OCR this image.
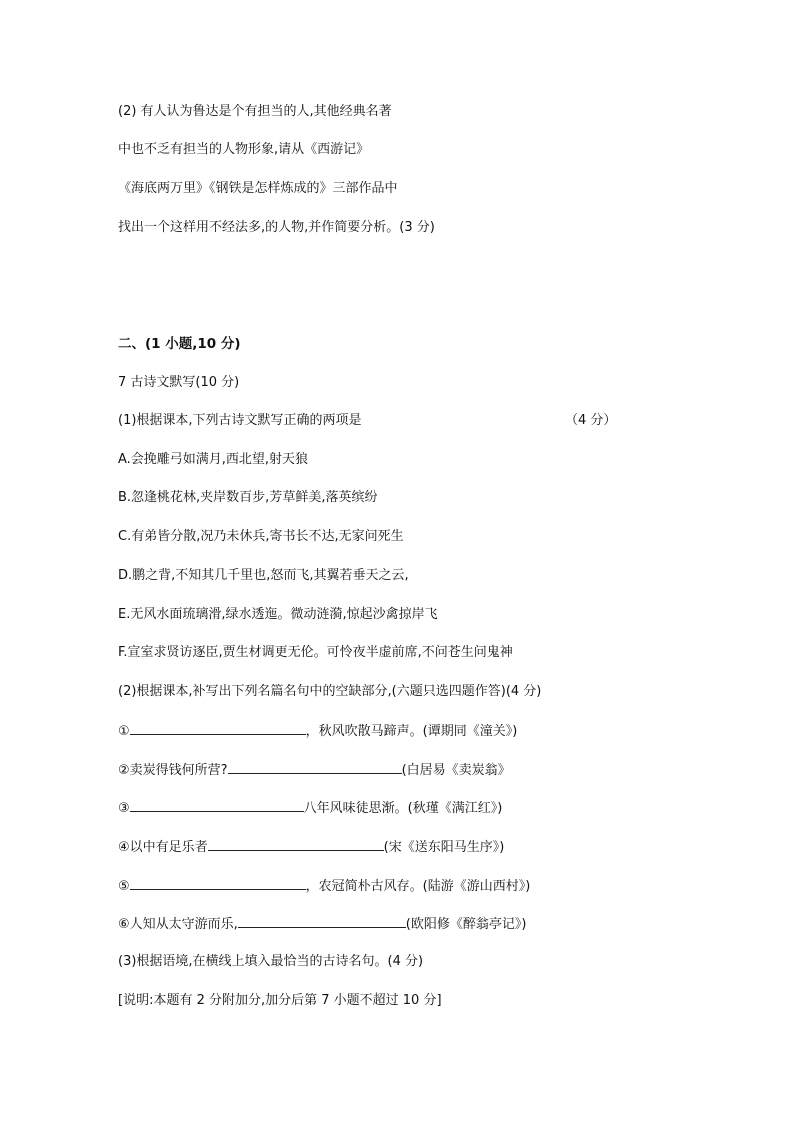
(2) 有人认为鲁达是个有担当的人,其他经典名著
中也不乏有担当的人物形象,请从《西游记》
《海底两万里》《钢铁是怎样炼成的》三部作品中
找出一个这样用不经法多,的人物,并作简要分析。(3 分)
二、(1 小题,10 分)
7 古诗文默写(10 分)
(1)根据课本,下列古诗文默写正确的两项是	（4 分）
A.会挽雕弓如满月,西北望,射天狼
B.忽逢桃花林,夹岸数百步,芳草鲜美,落英缤纷
C.有弟皆分散,况乃未休兵,寄书长不达,无家问死生
D.鹏之背,不知其几千里也,怒而飞,其翼若垂天之云,
E.无风水面琉璃滑,绿水透迤。微动涟漪,惊起沙禽掠岸飞
F.宣室求贤访逐臣,贾生材调更无伦。可怜夜半虚前席,不问苍生问鬼神
(2)根据课本,补写出下列名篇名句中的空缺部分,(六题只选四题作答)(4 分)
①	，秋风吹散马蹄声。(谭期同《潼关》)
②卖炭得钱何所营?	(白居易《卖炭翁》
③	八年风味徒思渐。(秋瑾《满江红》)
④以中有足乐者	(宋《送东阳马生序》)
⑤	，农冠简朴古风存。(陆游《游山西村》)
⑥人知从太守游而乐,	(欧阳修《醉翁亭记》)
(3)根据语境,在横线上填入最恰当的古诗名句。(4 分)
[说明:本题有 2 分附加分,加分后第 7 小题不超过 10 分]
